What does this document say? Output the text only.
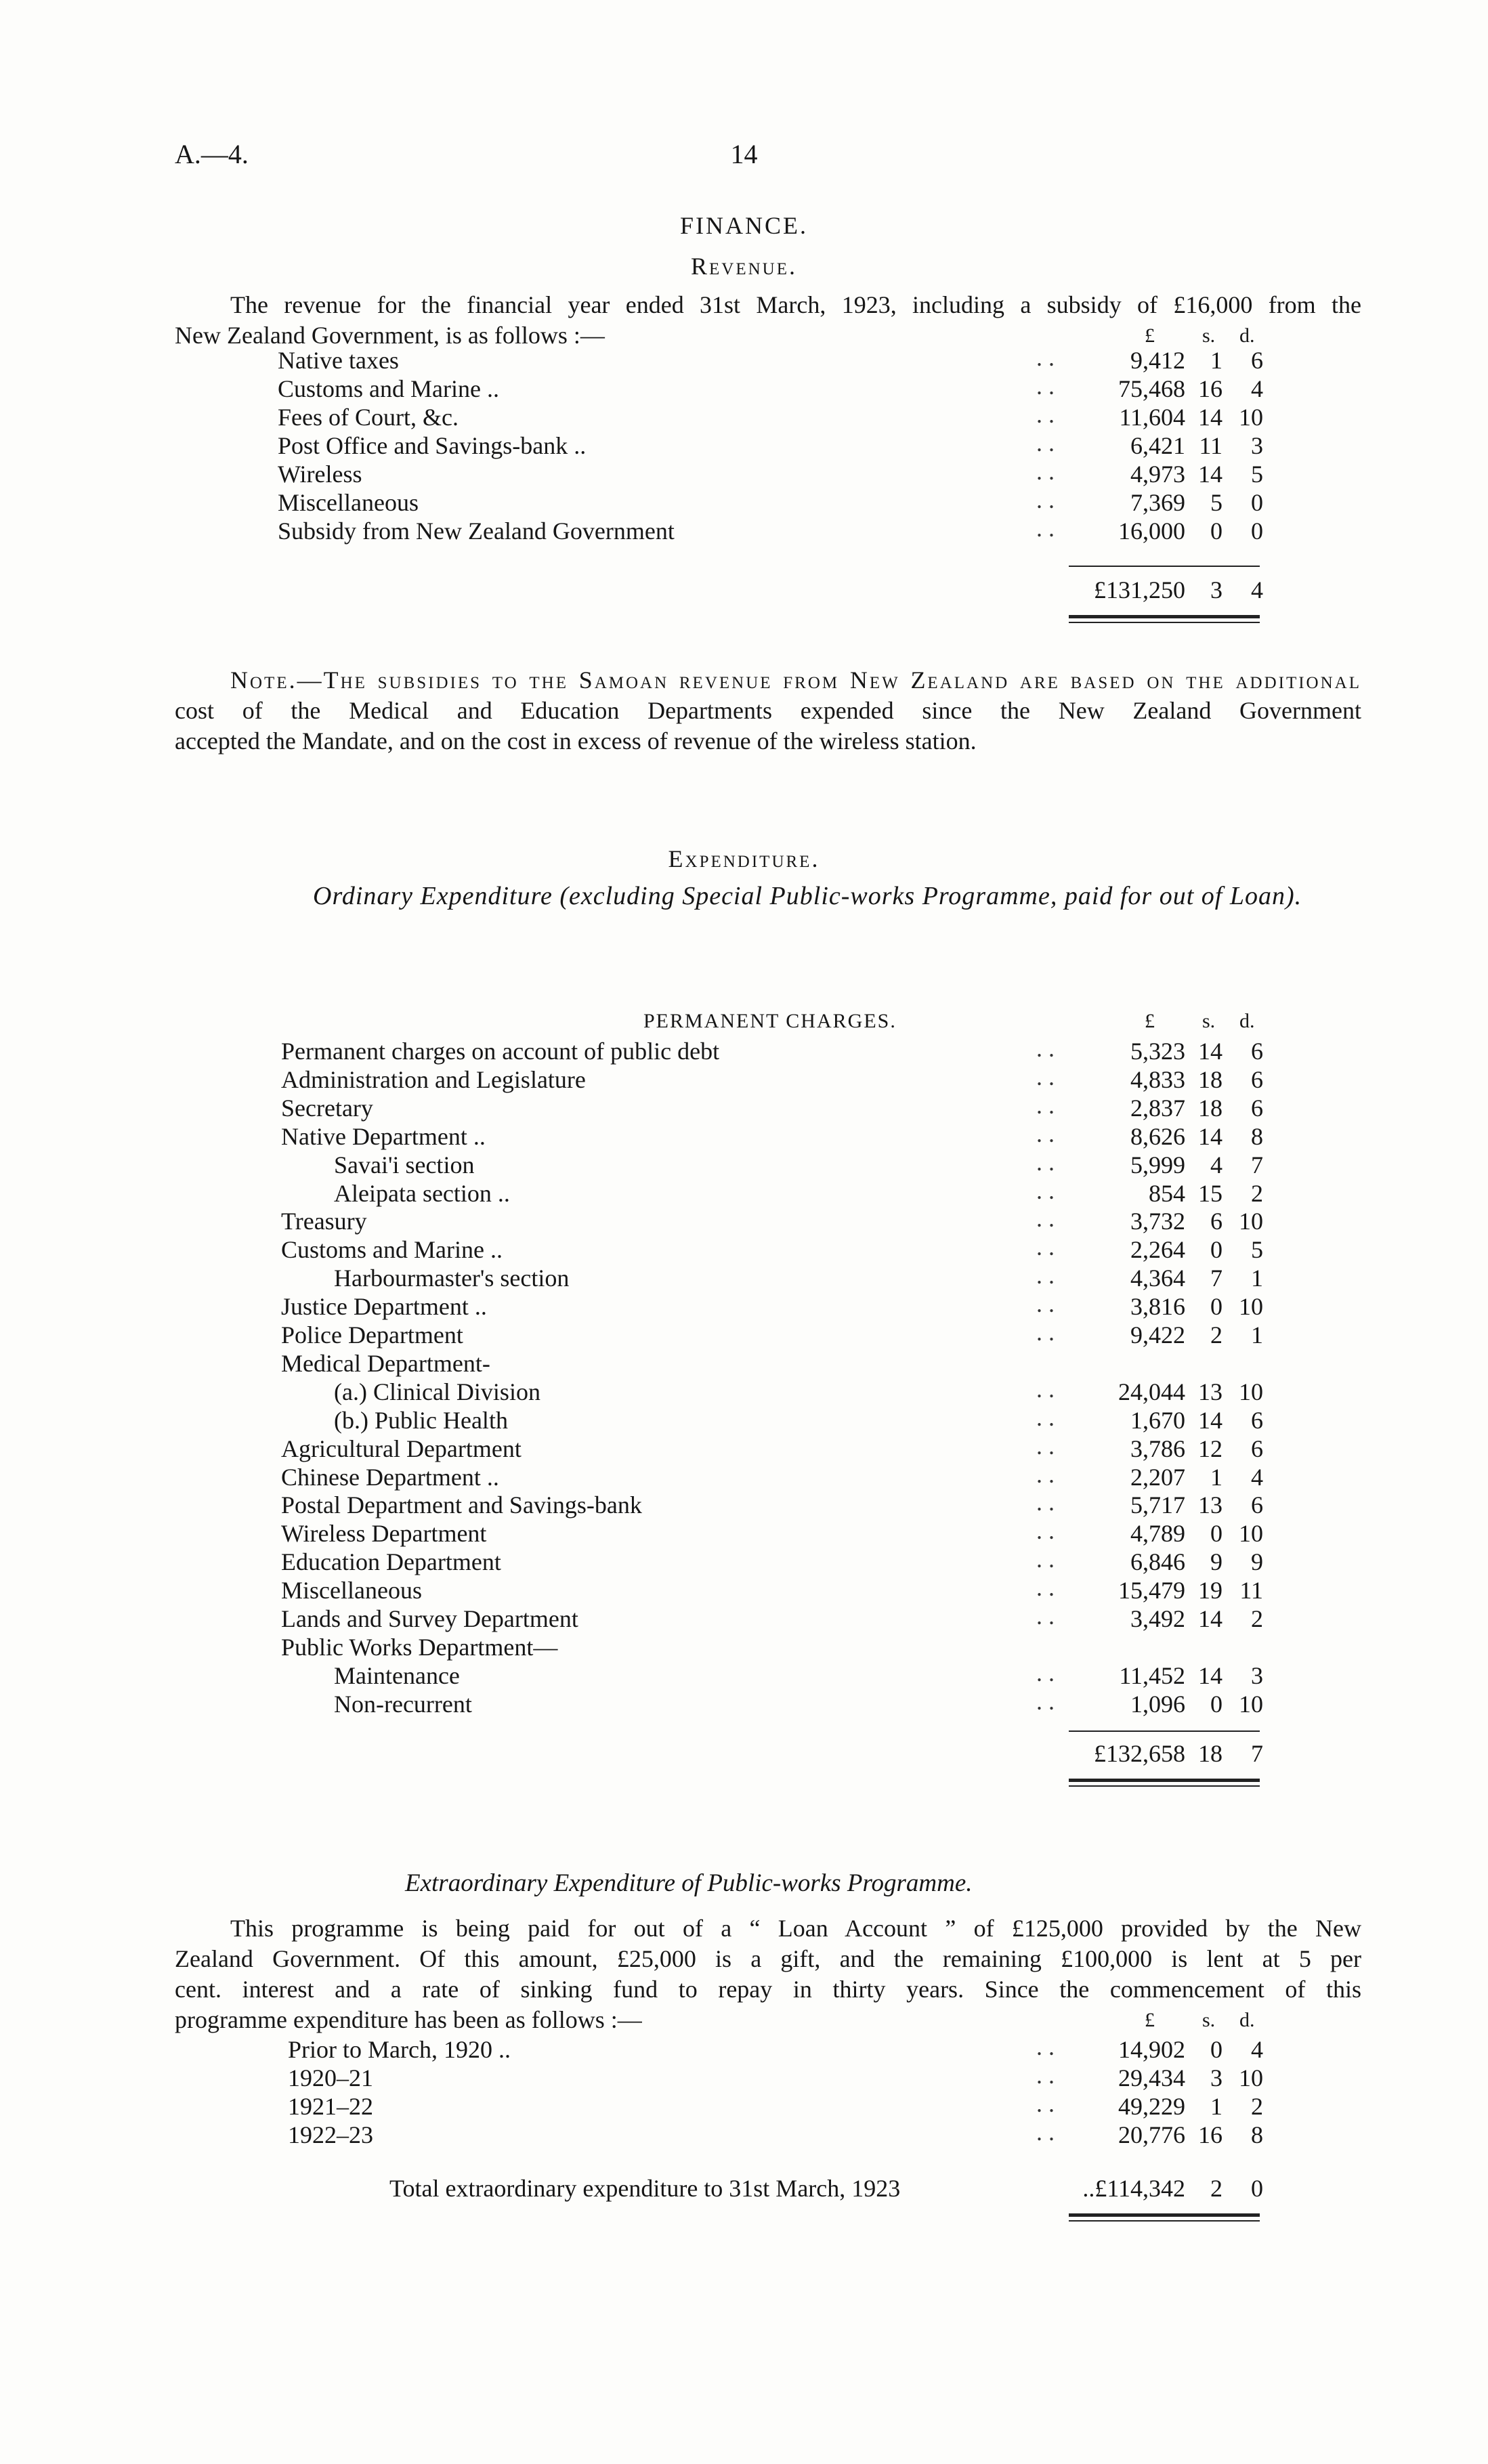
A.—4.	14
FINANCE.
Revenue.
The revenue for the financial year ended 31st March, 1923, including a subsidy of £16,000 from the
New Zealand Government, is as follows :—	£ s. d.
Native taxes	. .	9,412	1	6
Customs and Marine ..	. .	75,468 16	4
Fees of Court, &c.	. .	11,604 14 10
Post Office and Savings-bank ..	. .	6,421 11	3
Wireless	. .	4,973 14	5
Miscellaneous	. .	7,369	5	0
Subsidy from New Zealand Government	. .	16,000	0	0
£131,250	3	4
Note.—The subsidies to the Samoan revenue from New Zealand are based on the additional
cost of the Medical and Education Departments expended since the New Zealand Government
accepted the Mandate, and on the cost in excess of revenue of the wireless station.
Expenditure.
Ordinary Expenditure (excluding Special Public-works Programme, paid for out of Loan).
PERMANENT CHARGES.	£ s. d.
Permanent charges on account of public debt	. .	5,323 14	6
Administration and Legislature	. .	4,833 18	6
Secretary	. .	2,837 18	6
Native Department ..	. .	8,626 14	8
Savai'i section	. .	5,999	4	7
Aleipata section ..	. .	854 15	2
Treasury	. .	3,732	6 10
Customs and Marine ..	. .	2,264	0	5
Harbourmaster's section	. .	4,364	7	1
Justice Department ..	. .	3,816	0 10
Police Department	. .	9,422	2	1
Medical Department-
(a.) Clinical Division	. .	24,044 13 10
(b.) Public Health	. .	1,670 14	6
Agricultural Department	. .	3,786 12	6
Chinese Department ..	. .	2,207	1	4
Postal Department and Savings-bank	. .	5,717 13	6
Wireless Department	. .	4,789	0 10
Education Department	. .	6,846	9	9
Miscellaneous	. .	15,479 19 11
Lands and Survey Department	. .	3,492 14	2
Public Works Department—
Maintenance	. .	11,452 14	3
Non-recurrent	. .	1,096	0 10
£132,658 18	7
Extraordinary Expenditure of Public-works Programme.
This programme is being paid for out of a “ Loan Account ” of £125,000 provided by the New
Zealand Government. Of this amount, £25,000 is a gift, and the remaining £100,000 is lent at 5 per
cent. interest and a rate of sinking fund to repay in thirty years. Since the commencement of this
programme expenditure has been as follows :—	£ s. d.
Prior to March, 1920 ..	. .	14,902	0	4
1920–21	. .	29,434	3 10
1921–22	. .	49,229	1	2
1922–23	. .	20,776 16	8
Total extraordinary expenditure to 31st March, 1923	..£114,342	2	0
